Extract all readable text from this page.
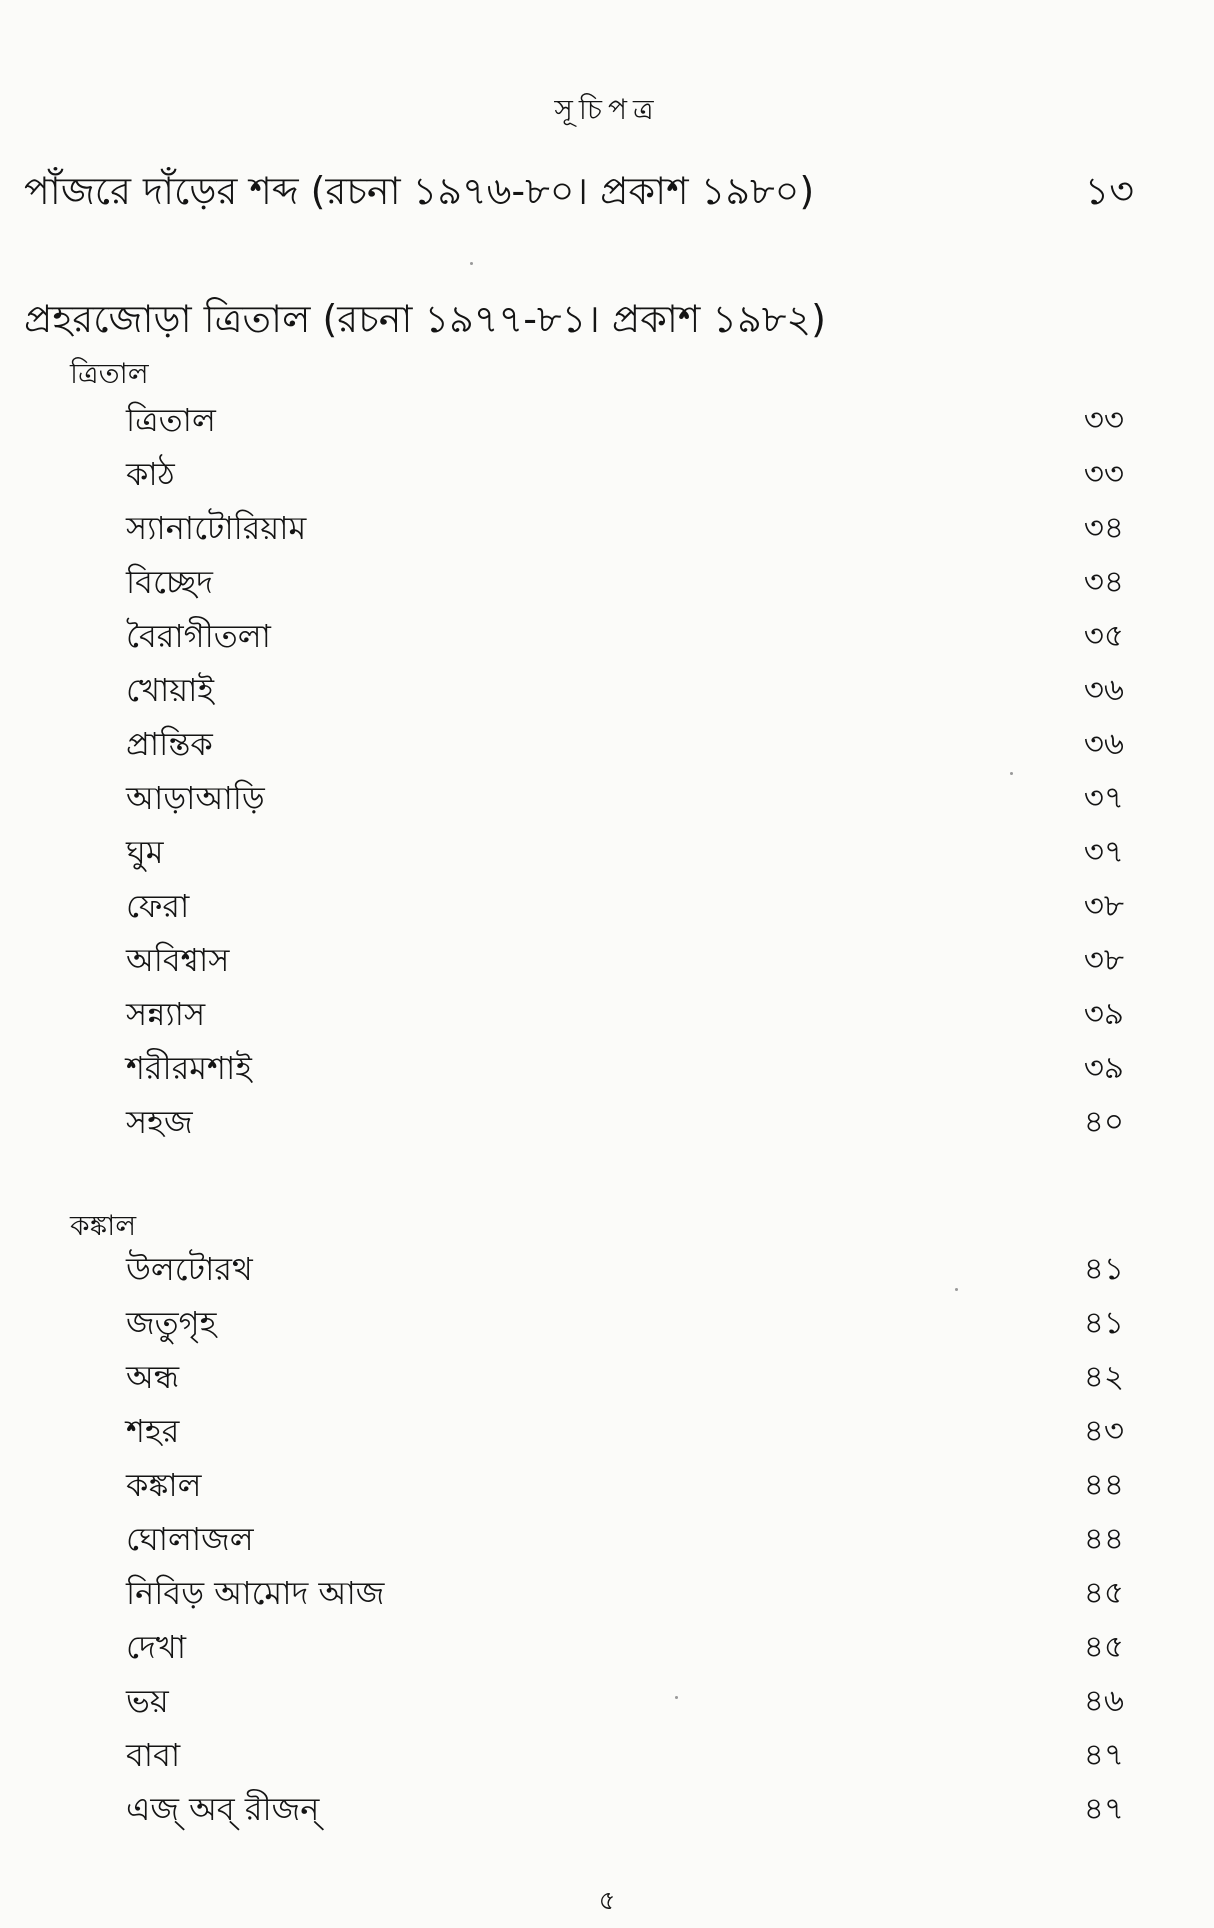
সূচিপত্র
পাঁজরে দাঁড়ের শব্দ (রচনা ১৯৭৬-৮০। প্রকাশ ১৯৮০)	১৩
প্রহরজোড়া ত্রিতাল (রচনা ১৯৭৭-৮১। প্রকাশ ১৯৮২)
ত্রিতাল
ত্রিতাল	৩৩
কাঠ	৩৩
স্যানাটোরিয়াম	৩৪
বিচ্ছেদ	৩৪
বৈরাগীতলা	৩৫
খোয়াই	৩৬
প্রান্তিক	৩৬
আড়াআড়ি	৩৭
ঘুম	৩৭
ফেরা	৩৮
অবিশ্বাস	৩৮
সন্ন্যাস	৩৯
শরীরমশাই	৩৯
সহজ	৪০
কঙ্কাল
উলটোরথ	৪১
জতুগৃহ	৪১
অন্ধ	৪২
শহর	৪৩
কঙ্কাল	৪৪
ঘোলাজল	৪৪
নিবিড় আমোদ আজ	৪৫
দেখা	৪৫
ভয়	৪৬
বাবা	৪৭
এজ্ অব্ রীজন্	৪৭
৫
